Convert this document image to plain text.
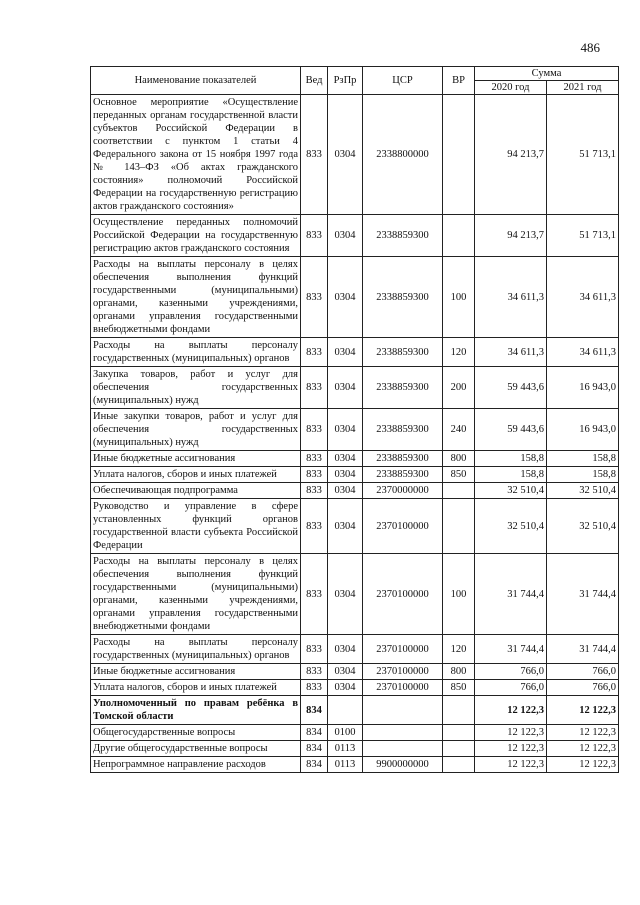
486
Наименование показателей	Вед	РзПр	ЦСР	ВР	Сумма	
					2020 год	2021 год
Основное мероприятие «Осуществление переданных органам государственной власти субъектов Российской Федерации в соответствии с пунктом 1 статьи 4 Федерального закона от 15 ноября 1997 года № 143–ФЗ «Об актах гражданского состояния» полномочий Российской Федерации на государственную регистрацию актов гражданского состояния»	833	0304	2338800000		94 213,7	51 713,1
Осуществление переданных полномочий Российской Федерации на государственную регистрацию актов гражданского состояния	833	0304	2338859300		94 213,7	51 713,1
Расходы на выплаты персоналу в целях обеспечения выполнения функций государственными (муниципальными) органами, казенными учреждениями, органами управления государственными внебюджетными фондами	833	0304	2338859300	100	34 611,3	34 611,3
Расходы на выплаты персоналу государственных (муниципальных) органов	833	0304	2338859300	120	34 611,3	34 611,3
Закупка товаров, работ и услуг для обеспечения государственных (муниципальных) нужд	833	0304	2338859300	200	59 443,6	16 943,0
Иные закупки товаров, работ и услуг для обеспечения государственных (муниципальных) нужд	833	0304	2338859300	240	59 443,6	16 943,0
Иные бюджетные ассигнования	833	0304	2338859300	800	158,8	158,8
Уплата налогов, сборов и иных платежей	833	0304	2338859300	850	158,8	158,8
Обеспечивающая подпрограмма	833	0304	2370000000		32 510,4	32 510,4
Руководство и управление в сфере установленных функций органов государственной власти субъекта Российской Федерации	833	0304	2370100000		32 510,4	32 510,4
Расходы на выплаты персоналу в целях обеспечения выполнения функций государственными (муниципальными) органами, казенными учреждениями, органами управления государственными внебюджетными фондами	833	0304	2370100000	100	31 744,4	31 744,4
Расходы на выплаты персоналу государственных (муниципальных) органов	833	0304	2370100000	120	31 744,4	31 744,4
Иные бюджетные ассигнования	833	0304	2370100000	800	766,0	766,0
Уплата налогов, сборов и иных платежей	833	0304	2370100000	850	766,0	766,0
Уполномоченный по правам ребёнка в Томской области	834				12 122,3	12 122,3
Общегосударственные вопросы	834	0100			12 122,3	12 122,3
Другие общегосударственные вопросы	834	0113			12 122,3	12 122,3
Непрограммное направление расходов	834	0113	9900000000		12 122,3	12 122,3
